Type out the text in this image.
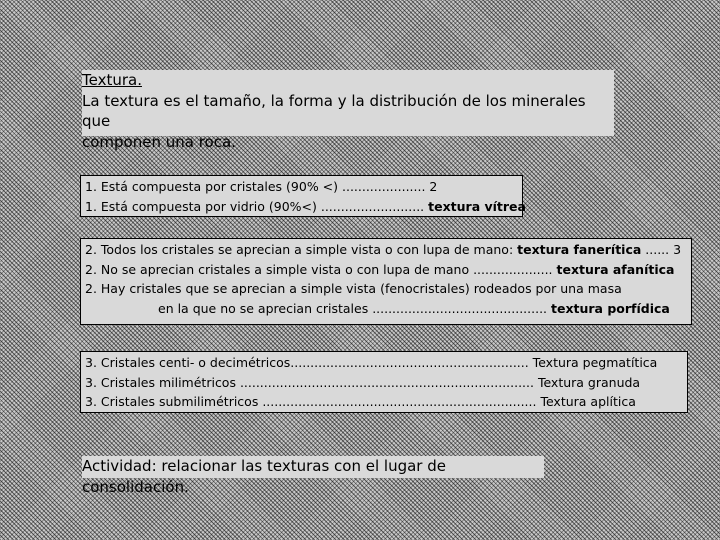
Textura.
La textura es el tamaño, la forma y la distribución de los minerales que
componen una roca.
1. Está compuesta por cristales (90% <) ..................... 2
1. Está compuesta por vidrio (90%<) .......................... textura vítrea
2. Todos los cristales se aprecian a simple vista o con lupa de mano: textura fanerítica ...... 3
2. No se aprecian cristales a simple vista o con lupa de mano .................... textura afanítica
2. Hay cristales que se aprecian a simple vista (fenocristales) rodeados por una masa
en la que no se aprecian cristales ............................................ textura porfídica
3. Cristales centi- o decimétricos............................................................ Textura pegmatítica
3. Cristales milimétricos .......................................................................... Textura granuda
3. Cristales submilimétricos ..................................................................... Textura aplítica
Actividad: relacionar las texturas con el lugar de consolidación.
